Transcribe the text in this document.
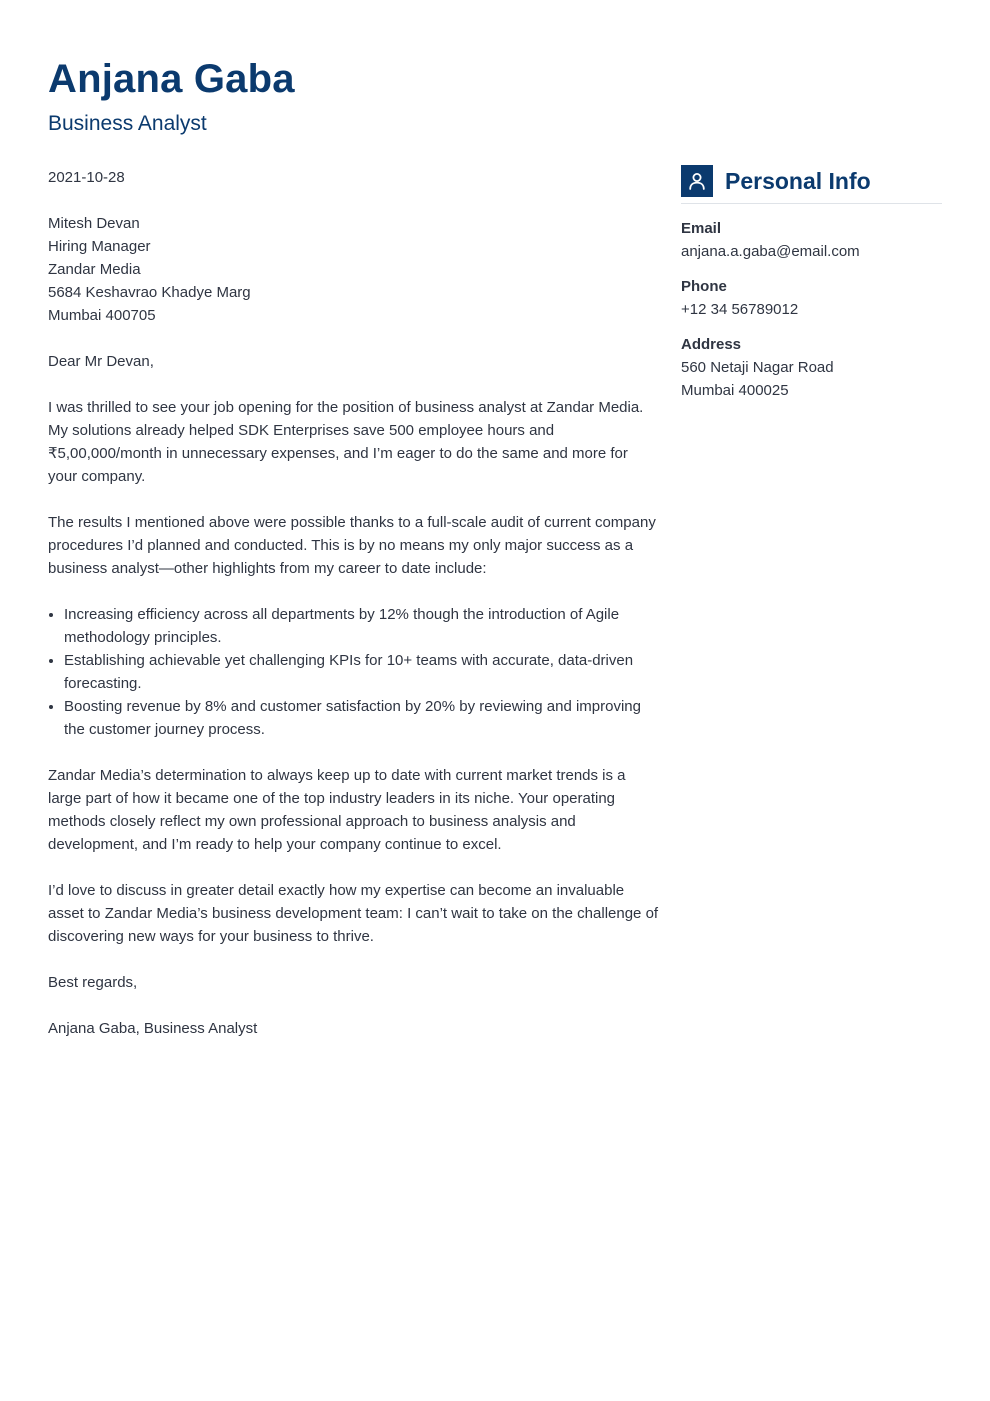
Anjana Gaba
Business Analyst

2021-10-28

Mitesh Devan
Hiring Manager
Zandar Media
5684 Keshavrao Khadye Marg
Mumbai 400705

Dear Mr Devan,

I was thrilled to see your job opening for the position of business analyst at Zandar Media. My solutions already helped SDK Enterprises save 500 employee hours and ₹5,00,000/month in unnecessary expenses, and I’m eager to do the same and more for your company.

The results I mentioned above were possible thanks to a full-scale audit of current company procedures I’d planned and conducted. This is by no means my only major success as a business analyst—other highlights from my career to date include:

• Increasing efficiency across all departments by 12% though the introduction of Agile methodology principles.
• Establishing achievable yet challenging KPIs for 10+ teams with accurate, data-driven forecasting.
• Boosting revenue by 8% and customer satisfaction by 20% by reviewing and improving the customer journey process.

Zandar Media’s determination to always keep up to date with current market trends is a large part of how it became one of the top industry leaders in its niche. Your operating methods closely reflect my own professional approach to business analysis and development, and I’m ready to help your company continue to excel.

I’d love to discuss in greater detail exactly how my expertise can become an invaluable asset to Zandar Media’s business development team: I can’t wait to take on the challenge of discovering new ways for your business to thrive.

Best regards,

Anjana Gaba, Business Analyst

Personal Info
Email
anjana.a.gaba@email.com
Phone
+12 34 56789012
Address
560 Netaji Nagar Road
Mumbai 400025
